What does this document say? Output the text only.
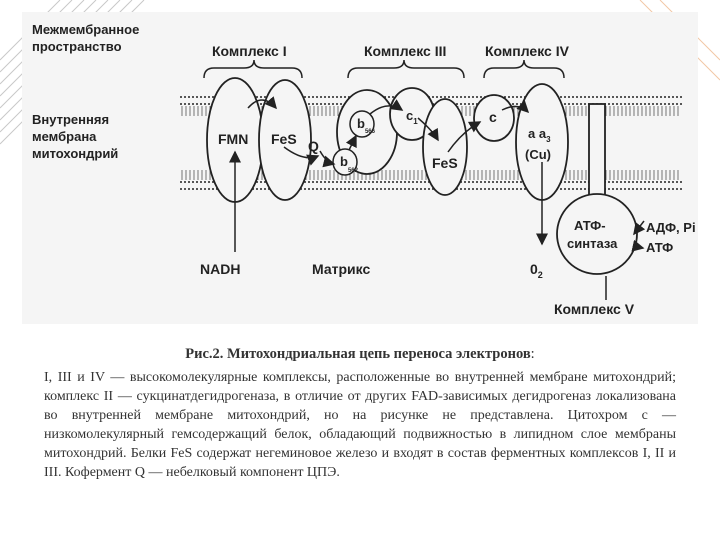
Межмембранное
пространство
Внутренняя
мембрана
митохондрий
Комплекс I	Комплекс III	Комплекс IV
FMN FeS
$b_{566}$
$b_{562}$
Q
$c_1$
FeS
c
a $a_3$
(Cu)
АТФ-
синтаза
АДФ, Pi
АТФ
Комплекс V
NADH	Матрикс	$0_2$
Рис.2. Митохондриальная цепь переноса электронов:

I, III и IV — высокомолекулярные комплексы, расположенные во внутренней мембране митохондрий; комплекс II — сукцинатдегидрогеназа, в отличие от других FAD-зависимых дегидрогеназ локализована во внутренней мембране митохондрий, но на рисунке не представлена. Цитохром с — низкомолекулярный гемсодержащий белок, обладающий подвижностью в липидном слое мембраны митохондрий. Белки FeS содержат негеминовое железо и входят в состав ферментных комплексов I, II и III. Кофермент Q — небелковый компонент ЦПЭ.
